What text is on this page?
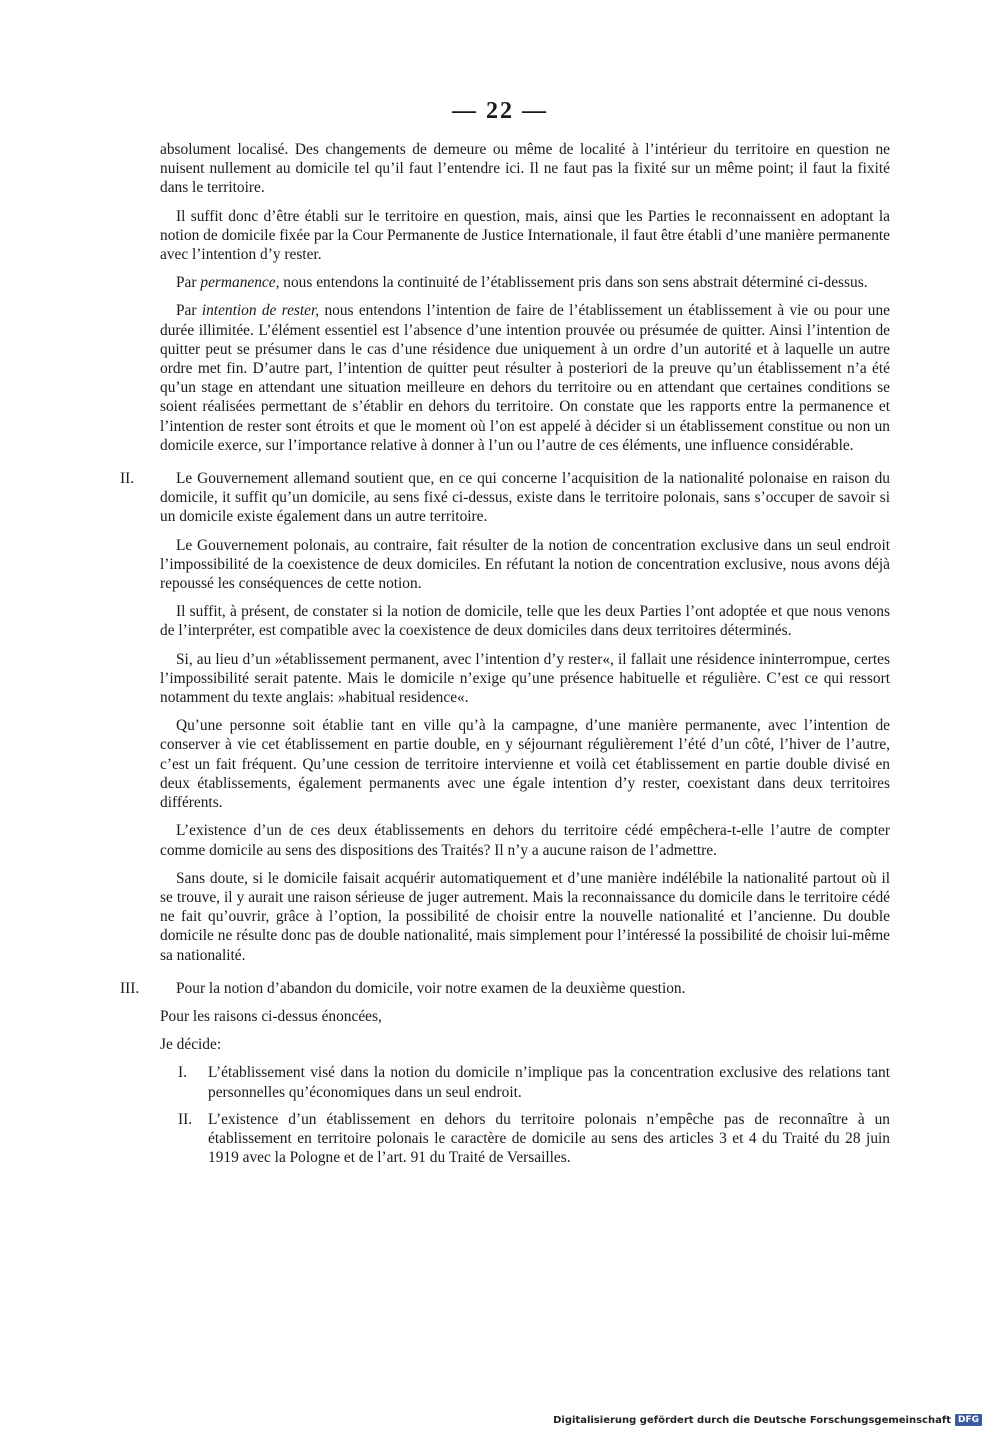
— 22 —

absolument localisé. Des changements de demeure ou même de localité à l’intérieur du territoire en question ne nuisent nullement au domicile tel qu’il faut l’entendre ici. Il ne faut pas la fixité sur un même point; il faut la fixité dans le territoire.

Il suffit donc d’être établi sur le territoire en question, mais, ainsi que les Parties le reconnaissent en adoptant la notion de domicile fixée par la Cour Permanente de Justice Internationale, il faut être établi d’une manière permanente avec l’intention d’y rester.

Par permanence, nous entendons la continuité de l’établissement pris dans son sens abstrait déterminé ci-dessus.

Par intention de rester, nous entendons l’intention de faire de l’établissement un établissement à vie ou pour une durée illimitée. L’élément essentiel est l’absence d’une intention prouvée ou présumée de quitter. Ainsi l’intention de quitter peut se présumer dans le cas d’une résidence due uniquement à un ordre d’un autorité et à laquelle un autre ordre met fin. D’autre part, l’intention de quitter peut résulter à posteriori de la preuve qu’un établissement n’a été qu’un stage en attendant une situation meilleure en dehors du territoire ou en attendant que certaines conditions se soient réalisées permettant de s’établir en dehors du territoire. On constate que les rapports entre la permanence et l’intention de rester sont étroits et que le moment où l’on est appelé à décider si un établissement constitue ou non un domicile exerce, sur l’importance relative à donner à l’un ou l’autre de ces éléments, une influence considérable.

II.	Le Gouvernement allemand soutient que, en ce qui concerne l’acquisition de la nationalité polonaise en raison du domicile, it suffit qu’un domicile, au sens fixé ci-dessus, existe dans le territoire polonais, sans s’occuper de savoir si un domicile existe également dans un autre territoire.

Le Gouvernement polonais, au contraire, fait résulter de la notion de concentration exclusive dans un seul endroit l’impossibilité de la coexistence de deux domiciles. En réfutant la notion de concentration exclusive, nous avons déjà repoussé les conséquences de cette notion.

Il suffit, à présent, de constater si la notion de domicile, telle que les deux Parties l’ont adoptée et que nous venons de l’interpréter, est compatible avec la coexistence de deux domiciles dans deux territoires déterminés.

Si, au lieu d’un »établissement permanent, avec l’intention d’y rester«, il fallait une résidence ininterrompue, certes l’impossibilité serait patente. Mais le domicile n’exige qu’une présence habituelle et régulière. C’est ce qui ressort notamment du texte anglais: »habitual residence«.

Qu’une personne soit établie tant en ville qu’à la campagne, d’une manière permanente, avec l’intention de conserver à vie cet établissement en partie double, en y séjournant régulièrement l’été d’un côté, l’hiver de l’autre, c’est un fait fréquent. Qu’une cession de territoire intervienne et voilà cet établissement en partie double divisé en deux établissements, également permanents avec une égale intention d’y rester, coexistant dans deux territoires différents.

L’existence d’un de ces deux établissements en dehors du territoire cédé empêchera-t-elle l’autre de compter comme domicile au sens des dispositions des Traités? Il n’y a aucune raison de l’admettre.

Sans doute, si le domicile faisait acquérir automatiquement et d’une manière indélébile la nationalité partout où il se trouve, il y aurait une raison sérieuse de juger autrement. Mais la reconnaissance du domicile dans le territoire cédé ne fait qu’ouvrir, grâce à l’option, la possibilité de choisir entre la nouvelle nationalité et l’ancienne. Du double domicile ne résulte donc pas de double nationalité, mais simplement pour l’intéressé la possibilité de choisir lui-même sa nationalité.

III.	Pour la notion d’abandon du domicile, voir notre examen de la deuxième question.

Pour les raisons ci-dessus énoncées,

Je décide:

I. L’établissement visé dans la notion du domicile n’implique pas la concentration exclusive des relations tant personnelles qu’économiques dans un seul endroit.
II. L’existence d’un établissement en dehors du territoire polonais n’empêche pas de reconnaître à un établissement en territoire polonais le caractère de domicile au sens des articles 3 et 4 du Traité du 28 juin 1919 avec la Pologne et de l’art. 91 du Traité de Versailles.
Digitalisierung gefördert durch die Deutsche Forschungsgemeinschaft DFG
